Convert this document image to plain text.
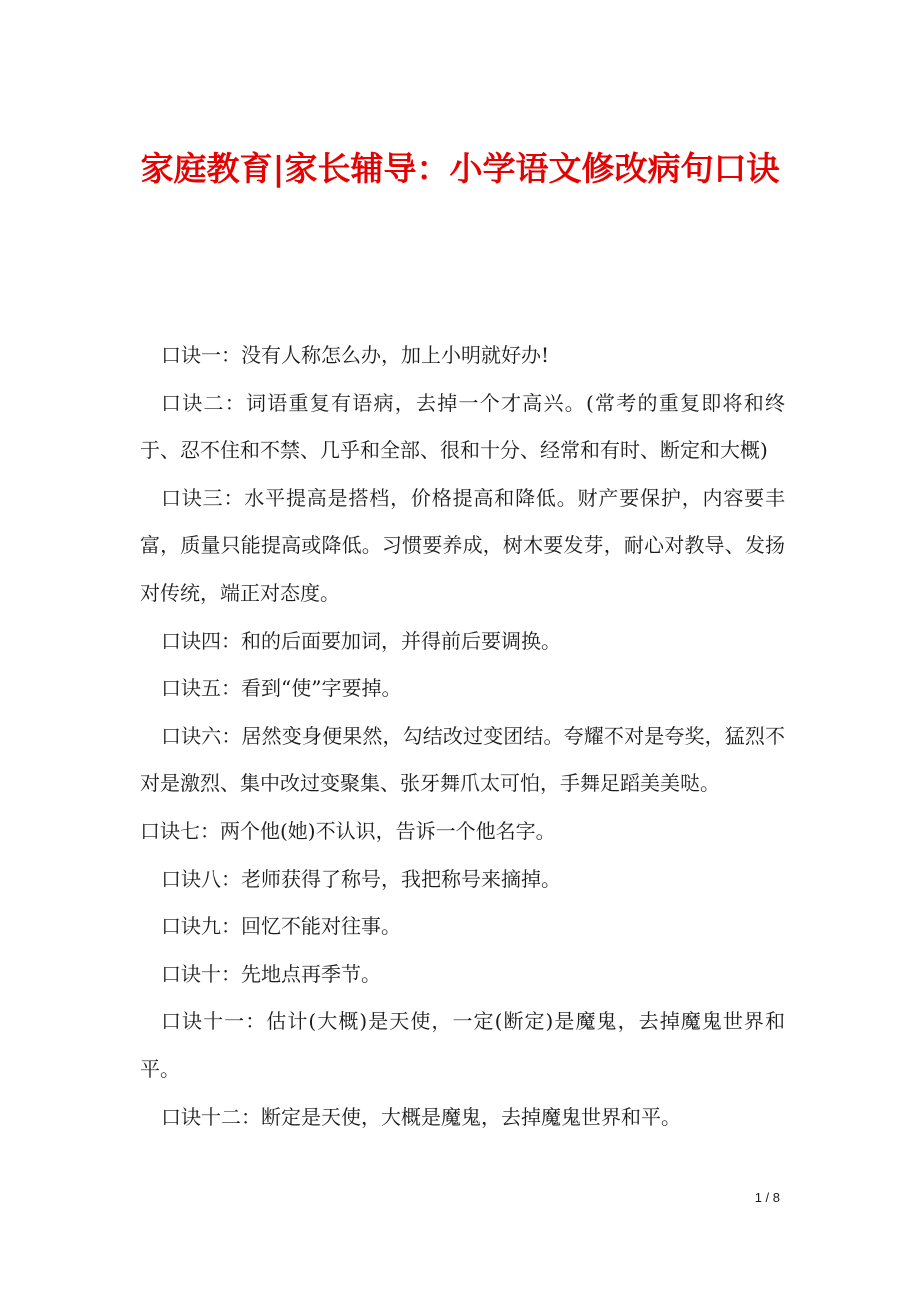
家庭教育|家长辅导：小学语文修改病句口诀

口诀一：没有人称怎么办，加上小明就好办!

口诀二：词语重复有语病，去掉一个才高兴。(常考的重复即将和终于、忍不住和不禁、几乎和全部、很和十分、经常和有时、断定和大概)

口诀三：水平提高是搭档，价格提高和降低。财产要保护，内容要丰富，质量只能提高或降低。习惯要养成，树木要发芽，耐心对教导、发扬对传统，端正对态度。

口诀四：和的后面要加词，并得前后要调换。

口诀五：看到“使”字要掉。

口诀六：居然变身便果然，勾结改过变团结。夸耀不对是夸奖，猛烈不对是激烈、集中改过变聚集、张牙舞爪太可怕，手舞足蹈美美哒。

口诀七：两个他(她)不认识，告诉一个他名字。

口诀八：老师获得了称号，我把称号来摘掉。

口诀九：回忆不能对往事。

口诀十：先地点再季节。

口诀十一：估计(大概)是天使，一定(断定)是魔鬼，去掉魔鬼世界和平。

口诀十二：断定是天使，大概是魔鬼，去掉魔鬼世界和平。

1 / 8
